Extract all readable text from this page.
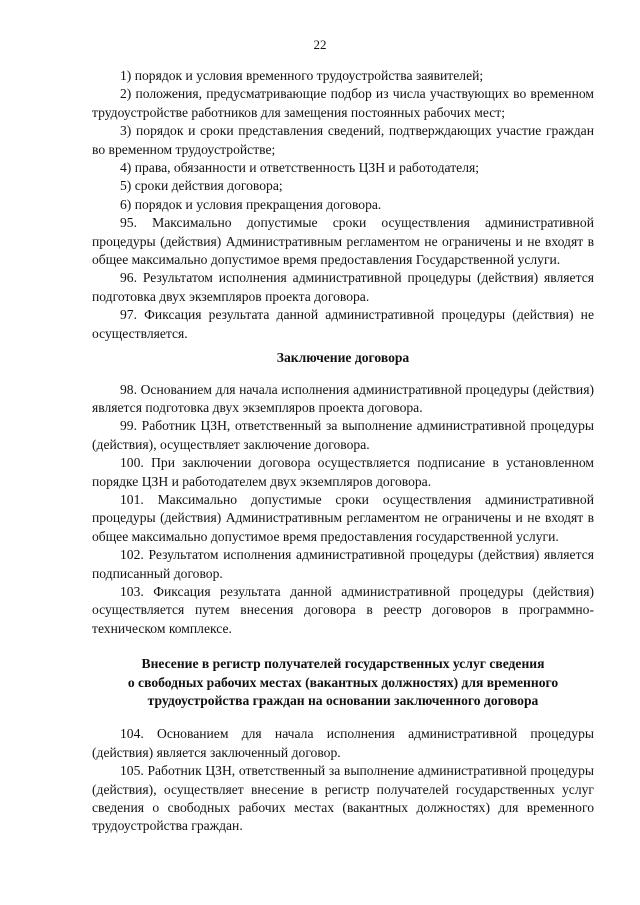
22

1) порядок и условия временного трудоустройства заявителей;

2) положения, предусматривающие подбор из числа участвующих во временном трудоустройстве работников для замещения постоянных рабочих мест;

3) порядок и сроки представления сведений, подтверждающих участие граждан во временном трудоустройстве;

4) права, обязанности и ответственность ЦЗН и работодателя;

5) сроки действия договора;

6) порядок и условия прекращения договора.

95. Максимально допустимые сроки осуществления административной процедуры (действия) Административным регламентом не ограничены и не входят в общее максимально допустимое время предоставления Государственной услуги.

96. Результатом исполнения административной процедуры (действия) является подготовка двух экземпляров проекта договора.

97. Фиксация результата данной административной процедуры (действия) не осуществляется.

Заключение договора

98. Основанием для начала исполнения административной процедуры (действия) является подготовка двух экземпляров проекта договора.

99. Работник ЦЗН, ответственный за выполнение административной процедуры (действия), осуществляет заключение договора.

100. При заключении договора осуществляется подписание в установленном порядке ЦЗН и работодателем двух экземпляров договора.

101. Максимально допустимые сроки осуществления административной процедуры (действия) Административным регламентом не ограничены и не входят в общее максимально допустимое время предоставления государственной услуги.

102. Результатом исполнения административной процедуры (действия) является подписанный договор.

103. Фиксация результата данной административной процедуры (действия) осуществляется путем внесения договора в реестр договоров в программно-техническом комплексе.

Внесение в регистр получателей государственных услуг сведения
о свободных рабочих местах (вакантных должностях) для временного
трудоустройства граждан на основании заключенного договора

104. Основанием для начала исполнения административной процедуры (действия) является заключенный договор.

105. Работник ЦЗН, ответственный за выполнение административной процедуры (действия), осуществляет внесение в регистр получателей государственных услуг сведения о свободных рабочих местах (вакантных должностях) для временного трудоустройства граждан.
